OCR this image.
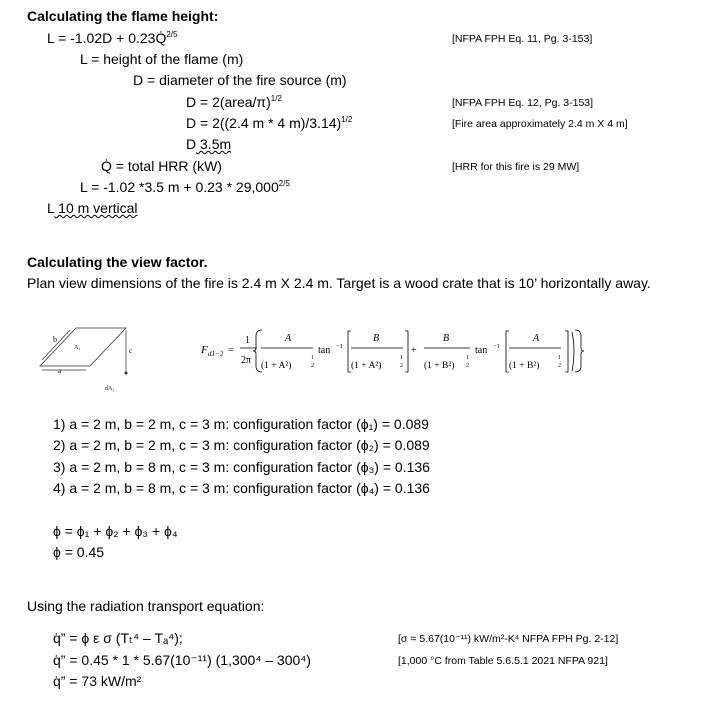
Calculating the flame height:
L = -1.02D + 0.23Q̇$^{2/5}$	[NFPA FPH Eq. 11, Pg. 3-153]
L = height of the flame (m)
D = diameter of the fire source (m)
D = 2(area/π)$^{1/2}$	[NFPA FPH Eq. 12, Pg. 3-153]
D = 2((2.4 m * 4 m)/3.14)$^{1/2}$	[Fire area approximately 2.4 m X 4 m]
D 3.5m
Q̇ = total HRR (kW)	[HRR for this fire is 29 MW]
L = -1.02 *3.5 $m + 0.23 * 29,000^{2/5}$
L 10 m vertical
Calculating the view factor.
Plan view dimensions of the fire is 2.4 m X 2.4 m. Target is a wood crate that is 10’ horizontally away.
b
a
A₂	c
dA₁
F d1−2 =
1
2π
A
(1 + A²)
1
2
tan −1
B
(1 + A²)
1
2
+
B
(1 + B²)
1
2
tan −1
A
(1 + B²)
1
2
1) a = 2 m, b = 2 m, c = 3 m: configuration factor (ϕ₁) = 0.089
2) a = 2 m, b = 2 m, c = 3 m: configuration factor (ϕ₂) = 0.089
3) a = 2 m, b = 8 m, c = 3 m: configuration factor (ϕ₃) = 0.136
4) a = 2 m, b = 8 m, c = 3 m: configuration factor (ϕ₄) = 0.136
ϕ = ϕ₁ + ϕ₂ + ϕ₃ + ϕ₄
ϕ = 0.45
Using the radiation transport equation:
q̇” = ϕ ε σ (Tₜ⁴ – Tₐ⁴);	[σ = 5.67(10⁻¹¹) kW/m²-K⁴ NFPA FPH Pg. 2-12]
q̇” = 0.45 * 1 * 5.67(10⁻¹¹) (1,300⁴ – 300⁴)	[1,000 °C from Table 5.6.5.1 2021 NFPA 921]
q̇” = 73 kW/m²
